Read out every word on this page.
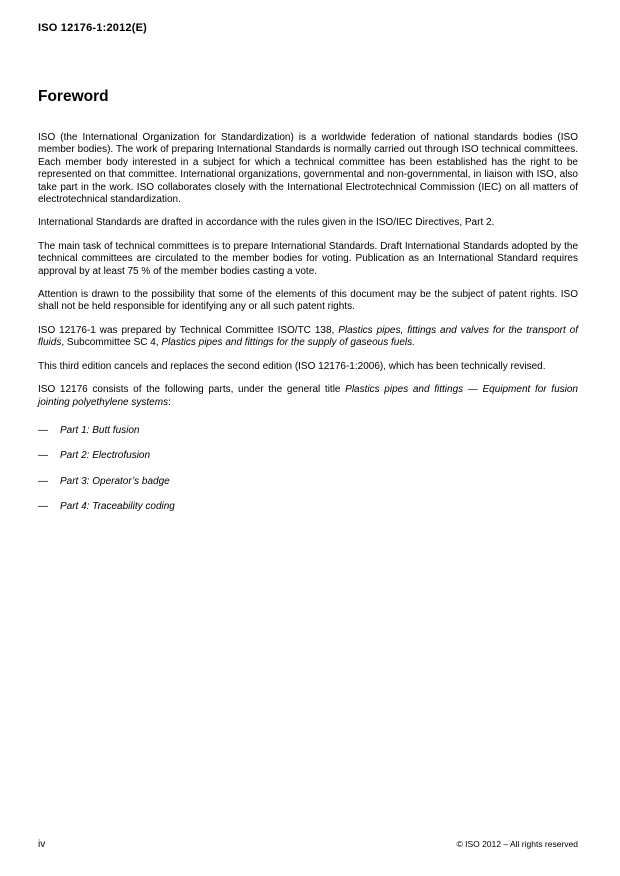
ISO 12176-1:2012(E)
Foreword

ISO (the International Organization for Standardization) is a worldwide federation of national standards bodies (ISO member bodies). The work of preparing International Standards is normally carried out through ISO technical committees. Each member body interested in a subject for which a technical committee has been established has the right to be represented on that committee. International organizations, governmental and non-governmental, in liaison with ISO, also take part in the work. ISO collaborates closely with the International Electrotechnical Commission (IEC) on all matters of electrotechnical standardization.

International Standards are drafted in accordance with the rules given in the ISO/IEC Directives, Part 2.

The main task of technical committees is to prepare International Standards. Draft International Standards adopted by the technical committees are circulated to the member bodies for voting. Publication as an International Standard requires approval by at least 75 % of the member bodies casting a vote.

Attention is drawn to the possibility that some of the elements of this document may be the subject of patent rights. ISO shall not be held responsible for identifying any or all such patent rights.

ISO 12176-1 was prepared by Technical Committee ISO/TC 138, Plastics pipes, fittings and valves for the transport of fluids, Subcommittee SC 4, Plastics pipes and fittings for the supply of gaseous fuels.

This third edition cancels and replaces the second edition (ISO 12176-1:2006), which has been technically revised.

ISO 12176 consists of the following parts, under the general title Plastics pipes and fittings — Equipment for fusion jointing polyethylene systems:

—	Part 1: Butt fusion
—	Part 2: Electrofusion
—	Part 3: Operator’s badge
—	Part 4: Traceability coding
iv	© ISO 2012 – All rights reserved
